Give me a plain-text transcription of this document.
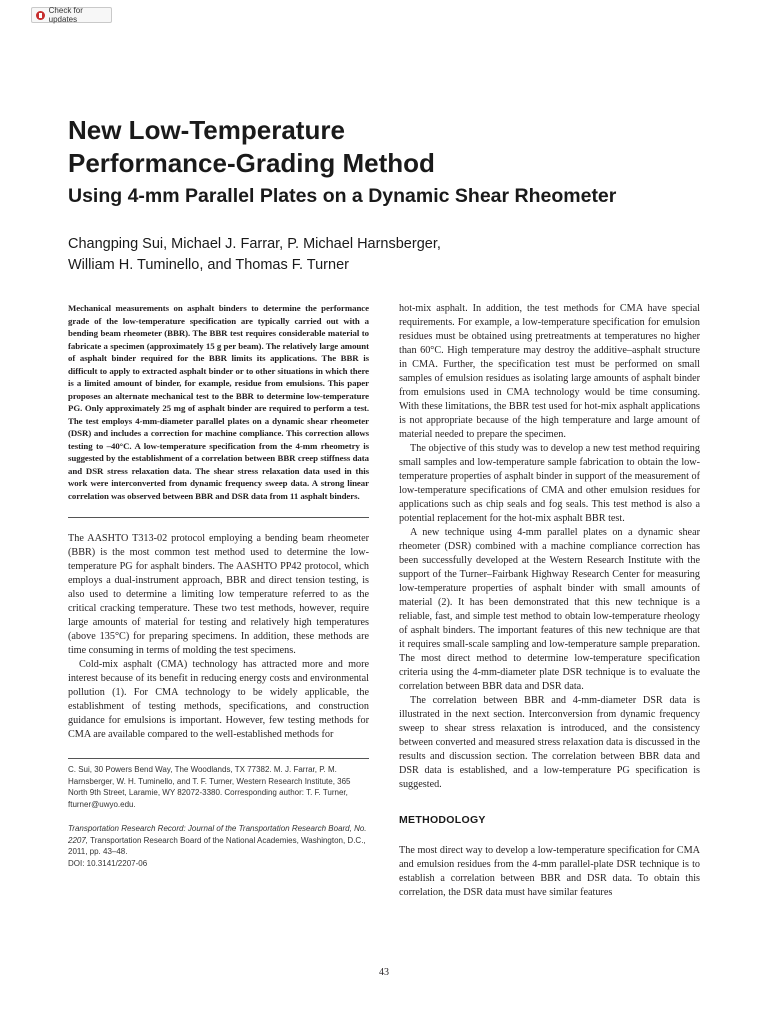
Check for updates
New Low-Temperature
Performance-Grading Method
Using 4-mm Parallel Plates on a Dynamic Shear Rheometer
Changping Sui, Michael J. Farrar, P. Michael Harnsberger,
William H. Tuminello, and Thomas F. Turner

Mechanical measurements on asphalt binders to determine the performance grade of the low-temperature specification are typically carried out with a bending beam rheometer (BBR). The BBR test requires considerable material to fabricate a specimen (approximately 15 g per beam). The relatively large amount of asphalt binder required for the BBR limits its applications. The BBR is difficult to apply to extracted asphalt binder or to other situations in which there is a limited amount of binder, for example, residue from emulsions. This paper proposes an alternate mechanical test to the BBR to determine low-temperature PG. Only approximately 25 mg of asphalt binder are required to perform a test. The test employs 4-mm-diameter parallel plates on a dynamic shear rheometer (DSR) and includes a correction for machine compliance. This correction allows testing to –40°C. A low-temperature specification from the 4-mm rheometry is suggested by the establishment of a correlation between BBR creep stiffness data and DSR stress relaxation data. The shear stress relaxation data used in this work were interconverted from dynamic frequency sweep data. A strong linear correlation was observed between BBR and DSR data from 11 asphalt binders.

The AASHTO T313-02 protocol employing a bending beam rheometer (BBR) is the most common test method used to determine the low-temperature PG for asphalt binders. The AASHTO PP42 protocol, which employs a dual-instrument approach, BBR and direct tension testing, is also used to determine a limiting low temperature referred to as the critical cracking temperature. These two test methods, however, require large amounts of material for testing and relatively high temperatures (above 135°C) for preparing specimens. In addition, these methods are time consuming in terms of molding the test specimens.

Cold-mix asphalt (CMA) technology has attracted more and more interest because of its benefit in reducing energy costs and environmental pollution (1). For CMA technology to be widely applicable, the establishment of testing methods, specifications, and construction guidance for emulsions is important. However, few testing methods for CMA are available compared to the well-established methods for

C. Sui, 30 Powers Bend Way, The Woodlands, TX 77382. M. J. Farrar, P. M. Harnsberger, W. H. Tuminello, and T. F. Turner, Western Research Institute, 365 North 9th Street, Laramie, WY 82072-3380. Corresponding author: T. F. Turner, fturner@uwyo.edu.

Transportation Research Record: Journal of the Transportation Research Board, No. 2207, Transportation Research Board of the National Academies, Washington, D.C., 2011, pp. 43–48.
DOI: 10.3141/2207-06

hot-mix asphalt. In addition, the test methods for CMA have special requirements. For example, a low-temperature specification for emulsion residues must be obtained using pretreatments at temperatures no higher than 60°C. High temperature may destroy the additive–asphalt structure in CMA. Further, the specification test must be performed on small samples of emulsion residues as isolating large amounts of asphalt binder from emulsions used in CMA technology would be time consuming. With these limitations, the BBR test used for hot-mix asphalt applications is not appropriate because of the high temperature and large amount of material needed to prepare the specimen.

The objective of this study was to develop a new test method requiring small samples and low-temperature sample fabrication to obtain the low-temperature properties of asphalt binder in support of the measurement of low-temperature specifications of CMA and other emulsion residues for applications such as chip seals and fog seals. This test method is also a potential replacement for the hot-mix asphalt BBR test.

A new technique using 4-mm parallel plates on a dynamic shear rheometer (DSR) combined with a machine compliance correction has been successfully developed at the Western Research Institute with the support of the Turner–Fairbank Highway Research Center for measuring low-temperature properties of asphalt binder with small amounts of material (2). It has been demonstrated that this new technique is a reliable, fast, and simple test method to obtain low-temperature rheology of asphalt binders. The important features of this new technique are that it requires small-scale sampling and low-temperature sample preparation. The most direct method to determine low-temperature specification criteria using the 4-mm-diameter plate DSR technique is to evaluate the correlation between BBR data and DSR data.

The correlation between BBR and 4-mm-diameter DSR data is illustrated in the next section. Interconversion from dynamic frequency sweep to shear stress relaxation is introduced, and the consistency between converted and measured stress relaxation data is discussed in the results and discussion section. The correlation between BBR data and DSR data is established, and a low-temperature PG specification is suggested.

METHODOLOGY

The most direct way to develop a low-temperature specification for CMA and emulsion residues from the 4-mm parallel-plate DSR technique is to establish a correlation between BBR and DSR data. To obtain this correlation, the DSR data must have similar features

43
